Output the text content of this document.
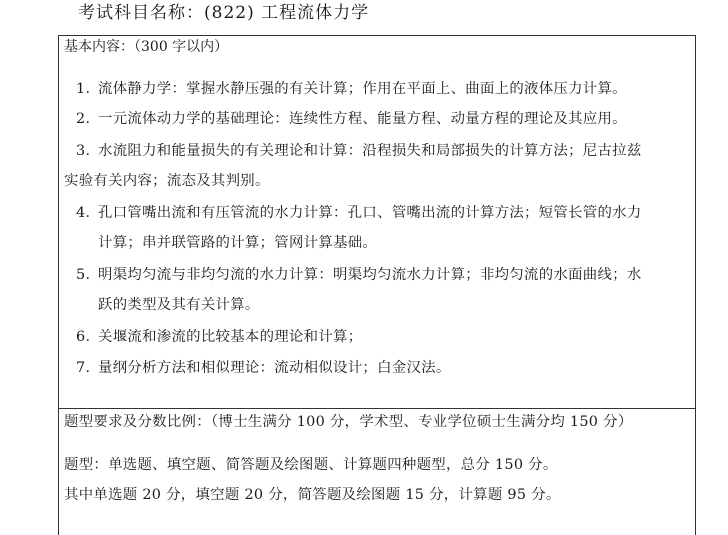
考试科目名称：(822) 工程流体力学
基本内容：（300 字以内）
1．流体静力学：掌握水静压强的有关计算；作用在平面上、曲面上的液体压力计算。
2．一元流体动力学的基础理论：连续性方程、能量方程、动量方程的理论及其应用。
3．水流阻力和能量损失的有关理论和计算：沿程损失和局部损失的计算方法；尼古拉兹
实验有关内容；流态及其判别。
4．孔口管嘴出流和有压管流的水力计算：孔口、管嘴出流的计算方法；短管长管的水力
计算；串并联管路的计算；管网计算基础。
5．明渠均匀流与非均匀流的水力计算：明渠均匀流水力计算；非均匀流的水面曲线；水
跃的类型及其有关计算。
6．关堰流和渗流的比较基本的理论和计算；
7．量纲分析方法和相似理论：流动相似设计；白金汉法。
题型要求及分数比例：（博士生满分 100 分，学术型、专业学位硕士生满分均 150 分）
题型：单选题、填空题、简答题及绘图题、计算题四种题型，总分 150 分。
其中单选题 20 分，填空题 20 分，简答题及绘图题 15 分，计算题 95 分。
